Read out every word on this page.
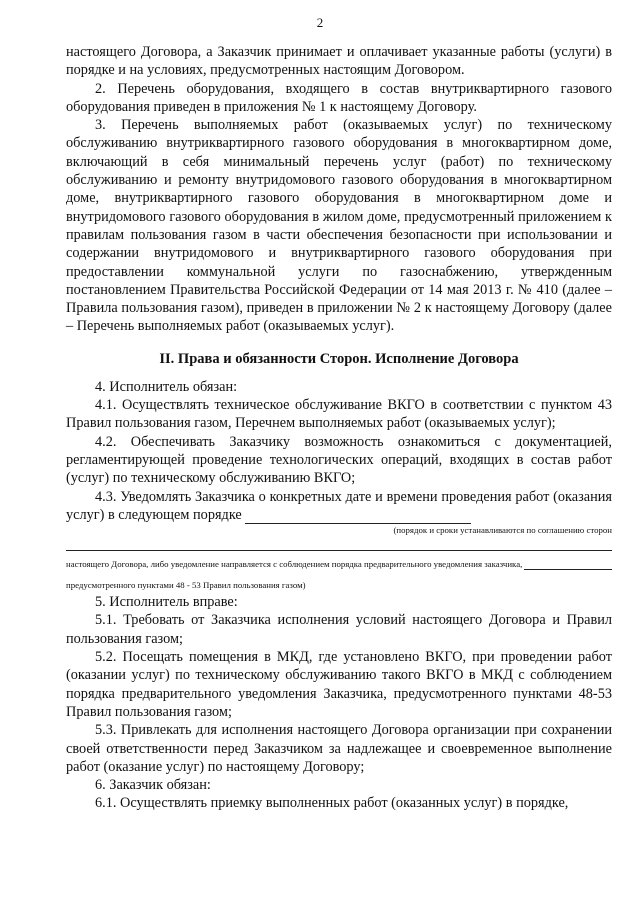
2

настоящего Договора, а Заказчик принимает и оплачивает указанные работы (услуги) в порядке и на условиях, предусмотренных настоящим Договором.

2. Перечень оборудования, входящего в состав внутриквартирного газового оборудования приведен в приложения № 1 к настоящему Договору.

3. Перечень выполняемых работ (оказываемых услуг) по техническому обслуживанию внутриквартирного газового оборудования в многоквартирном доме, включающий в себя минимальный перечень услуг (работ) по техническому обслуживанию и ремонту внутридомового газового оборудования в многоквартирном доме, внутриквартирного газового оборудования в многоквартирном доме и внутридомового газового оборудования в жилом доме, предусмотренный приложением к правилам пользования газом в части обеспечения безопасности при использовании и содержании внутридомового и внутриквартирного газового оборудования при предоставлении коммунальной услуги по газоснабжению, утвержденным постановлением Правительства Российской Федерации от 14 мая 2013 г. № 410 (далее – Правила пользования газом), приведен в приложении № 2 к настоящему Договору (далее – Перечень выполняемых работ (оказываемых услуг).

II. Права и обязанности Сторон. Исполнение Договора

4. Исполнитель обязан:

4.1. Осуществлять техническое обслуживание ВКГО в соответствии с пунктом 43 Правил пользования газом, Перечнем выполняемых работ (оказываемых услуг);

4.2. Обеспечивать Заказчику возможность ознакомиться с документацией, регламентирующей проведение технологических операций, входящих в состав работ (услуг) по техническому обслуживанию ВКГО;

4.3. Уведомлять Заказчика о конкретных дате и времени проведения работ (оказания услуг) в следующем порядке

(порядок и сроки устанавливаются по соглашению сторон

настоящего Договора, либо уведомление направляется с соблюдением порядка предварительного уведомления заказчика,

предусмотренного пунктами 48 - 53 Правил пользования газом)

5. Исполнитель вправе:

5.1. Требовать от Заказчика исполнения условий настоящего Договора и Правил пользования газом;

5.2. Посещать помещения в МКД, где установлено ВКГО, при проведении работ (оказании услуг) по техническому обслуживанию такого ВКГО в МКД с соблюдением порядка предварительного уведомления Заказчика, предусмотренного пунктами 48-53 Правил пользования газом;

5.3. Привлекать для исполнения настоящего Договора организации при сохранении своей ответственности перед Заказчиком за надлежащее и своевременное выполнение работ (оказание услуг) по настоящему Договору;

6. Заказчик обязан:

6.1. Осуществлять приемку выполненных работ (оказанных услуг) в порядке,
